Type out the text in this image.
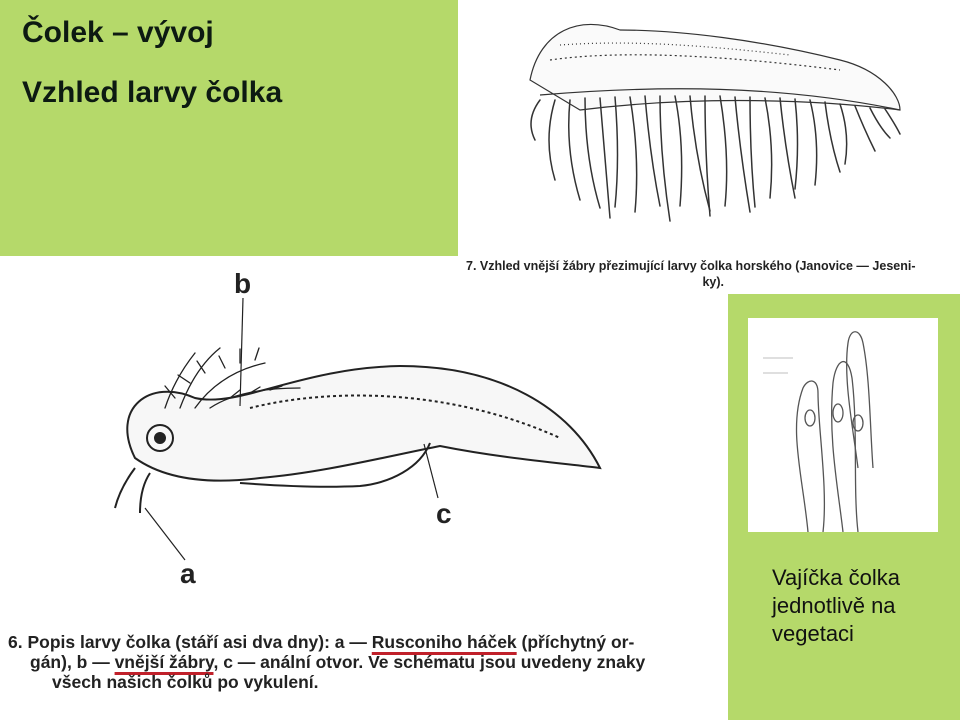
Čolek – vývoj
Vzhled larvy čolka
7. Vzhled vnější žábry přezimující larvy čolka horského (Janovice — Jeseni-
ky).
b
a
c
6. Popis larvy čolka (stáří asi dva dny): a — Rusconiho háček (příchytný or-
gán), b — vnější žábry, c — anální otvor. Ve schématu jsou uvedeny znaky
všech našich čolků po vykulení.
Vajíčka čolka
jednotlivě na
vegetaci
